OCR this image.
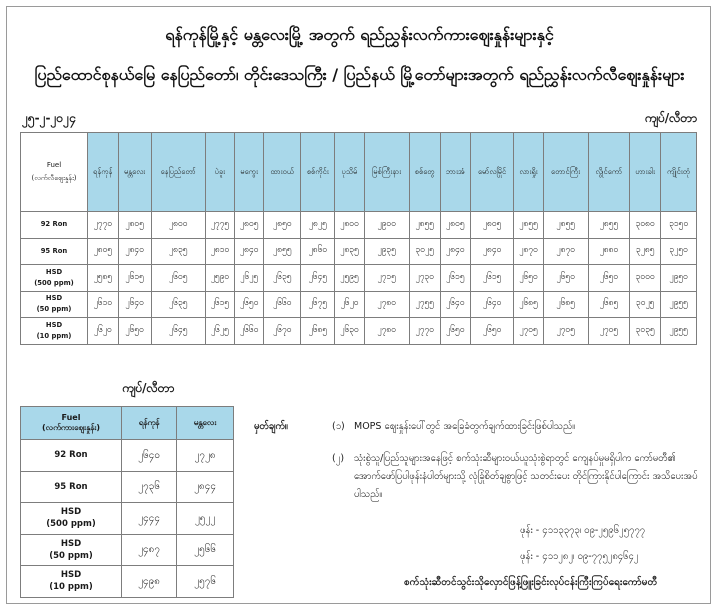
ရန်ကုန်မြို့နှင့် မန္တလေးမြို့ အတွက် ရည်ညွှန်းလက်ကားဈေးနှုန်းများနှင့်
ပြည်ထောင်စုနယ်မြေ နေပြည်တော်၊ တိုင်းဒေသကြီး / ပြည်နယ် မြို့တော်များအတွက် ရည်ညွှန်းလက်လီဈေးနှုန်းများ
၂၅-၂-၂၀၂၄	ကျပ်/လီတာ
Fuel
(လက်လီဈေးနှုန်း)	ရန်ကုန်	မန္တလေး	နေပြည်တော်	ပဲခူး	မကွေး	ထားဝယ်	စစ်ကိုင်း	ပုသိမ်	မြစ်ကြီးနား	စစ်တွေ	ဘားအံ	မော်လမြိုင်	လားရှိုး	တောင်ကြီး	လွိုင်ကော်	ဟားခါး	ကျိုင်းတုံ
92 Ron	၂၇၇၀	၂၈၀၅	၂၈၀၀	၂၇၇၅	၂၈၀၅	၂၈၅၀	၂၈၂၅	၂၈၀၀	၂၉၀၀	၂၈၅၅	၂၈၀၅	၂၈၀၅	၂၈၅၅	၂၈၅၅	၂၈၅၅	၃၀၈၀	၃၁၅၀
95 Ron	၂၈၀၅	၂၈၄၀	၂၈၃၅	၂၈၁၀	၂၈၄၀	၂၈၅၅	၂၈၆၀	၂၈၃၅	၂၉၃၅	၃၀၂၅	၂၈၄၀	၂၈၄၀	၂၈၇၀	၂၈၇၀	၂၈၈၀	၃၂၈၅	၃၂၅၀
HSD
(500 ppm)	၂၅၈၅	၂၆၁၅	၂၆၀၅	၂၅၉၀	၂၆၂၅	၂၆၃၅	၂၆၄၅	၂၅၉၅	၂၇၁၅	၂၇၃၀	၂၆၁၅	၂၆၁၅	၂၆၅၀	၂၆၅၀	၂၆၅၀	၃၀၀၀	၂၉၅၀
HSD
(50 ppm)	၂၆၁၀	၂၆၄၀	၂၆၃၅	၂၆၁၅	၂၆၅၀	၂၆၆၀	၂၆၇၅	၂၆၂၀	၂၇၈၀	၂၇၅၅	၂၆၄၀	၂၆၄၀	၂၆၈၅	၂၆၈၅	၂၆၈၅	၃၀၂၅	၂၉၅၅
HSD
(10 ppm)	၂၆၂၀	၂၆၅၀	၂၆၄၅	၂၆၂၅	၂၆၆၀	၂၆၇၀	၂၆၈၅	၂၆၃၀	၂၇၈၀	၂၇၇၀	၂၆၅၀	၂၆၅၀	၂၇၀၅	၂၇၀၅	၂၇၀၅	၃၀၃၅	၂၉၅၅
ကျပ်/လီတာ
Fuel
(လက်ကားဈေးနှုန်း)	ရန်ကုန်	မန္တလေး
92 Ron	၂၆၄၀	၂၇၂၈
95 Ron	၂၇၃၆	၂၈၄၄
HSD
(500 ppm)	၂၄၄၄	၂၅၂၂
HSD
(50 ppm)	၂၄၈၇	၂၅၆၆
HSD
(10 ppm)	၂၄၉၈	၂၅၇၆
မှတ်ချက်။	(၁) MOPS ဈေးနှုန်းပေါ်တွင် အခြေခံတွက်ချက်ထားခြင်းဖြစ်ပါသည်။
(၂) သုံးစွဲသူ/ပြည်သူများအနေဖြင့် စက်သုံးဆီများဝယ်ယူသုံးစွဲရာတွင် ကျေနပ်မှုမရှိပါက ကော်မတီ၏ အောက်ဖော်ပြပါဖုန်းနံပါတ်များသို့ လုံခြုံစိတ်ချစွာဖြင့် သတင်းပေး တိုင်ကြားနိုင်ပါကြောင်း အသိပေးအပ်ပါသည်။
ဖုန်း - ၄၁၁၃၃၇၃၊ ၀၉-၂၅၉၆၂၅၇၇၇
ဖုန်း - ၄၁၁၂၈၂၊ ၀၉-၇၇၅၂၈၄၆၄၂
စက်သုံးဆီတင်သွင်းသိုလှောင်ဖြန့်ဖြူးခြင်းလုပ်ငန်းကြီးကြပ်ရေးကော်မတီ
